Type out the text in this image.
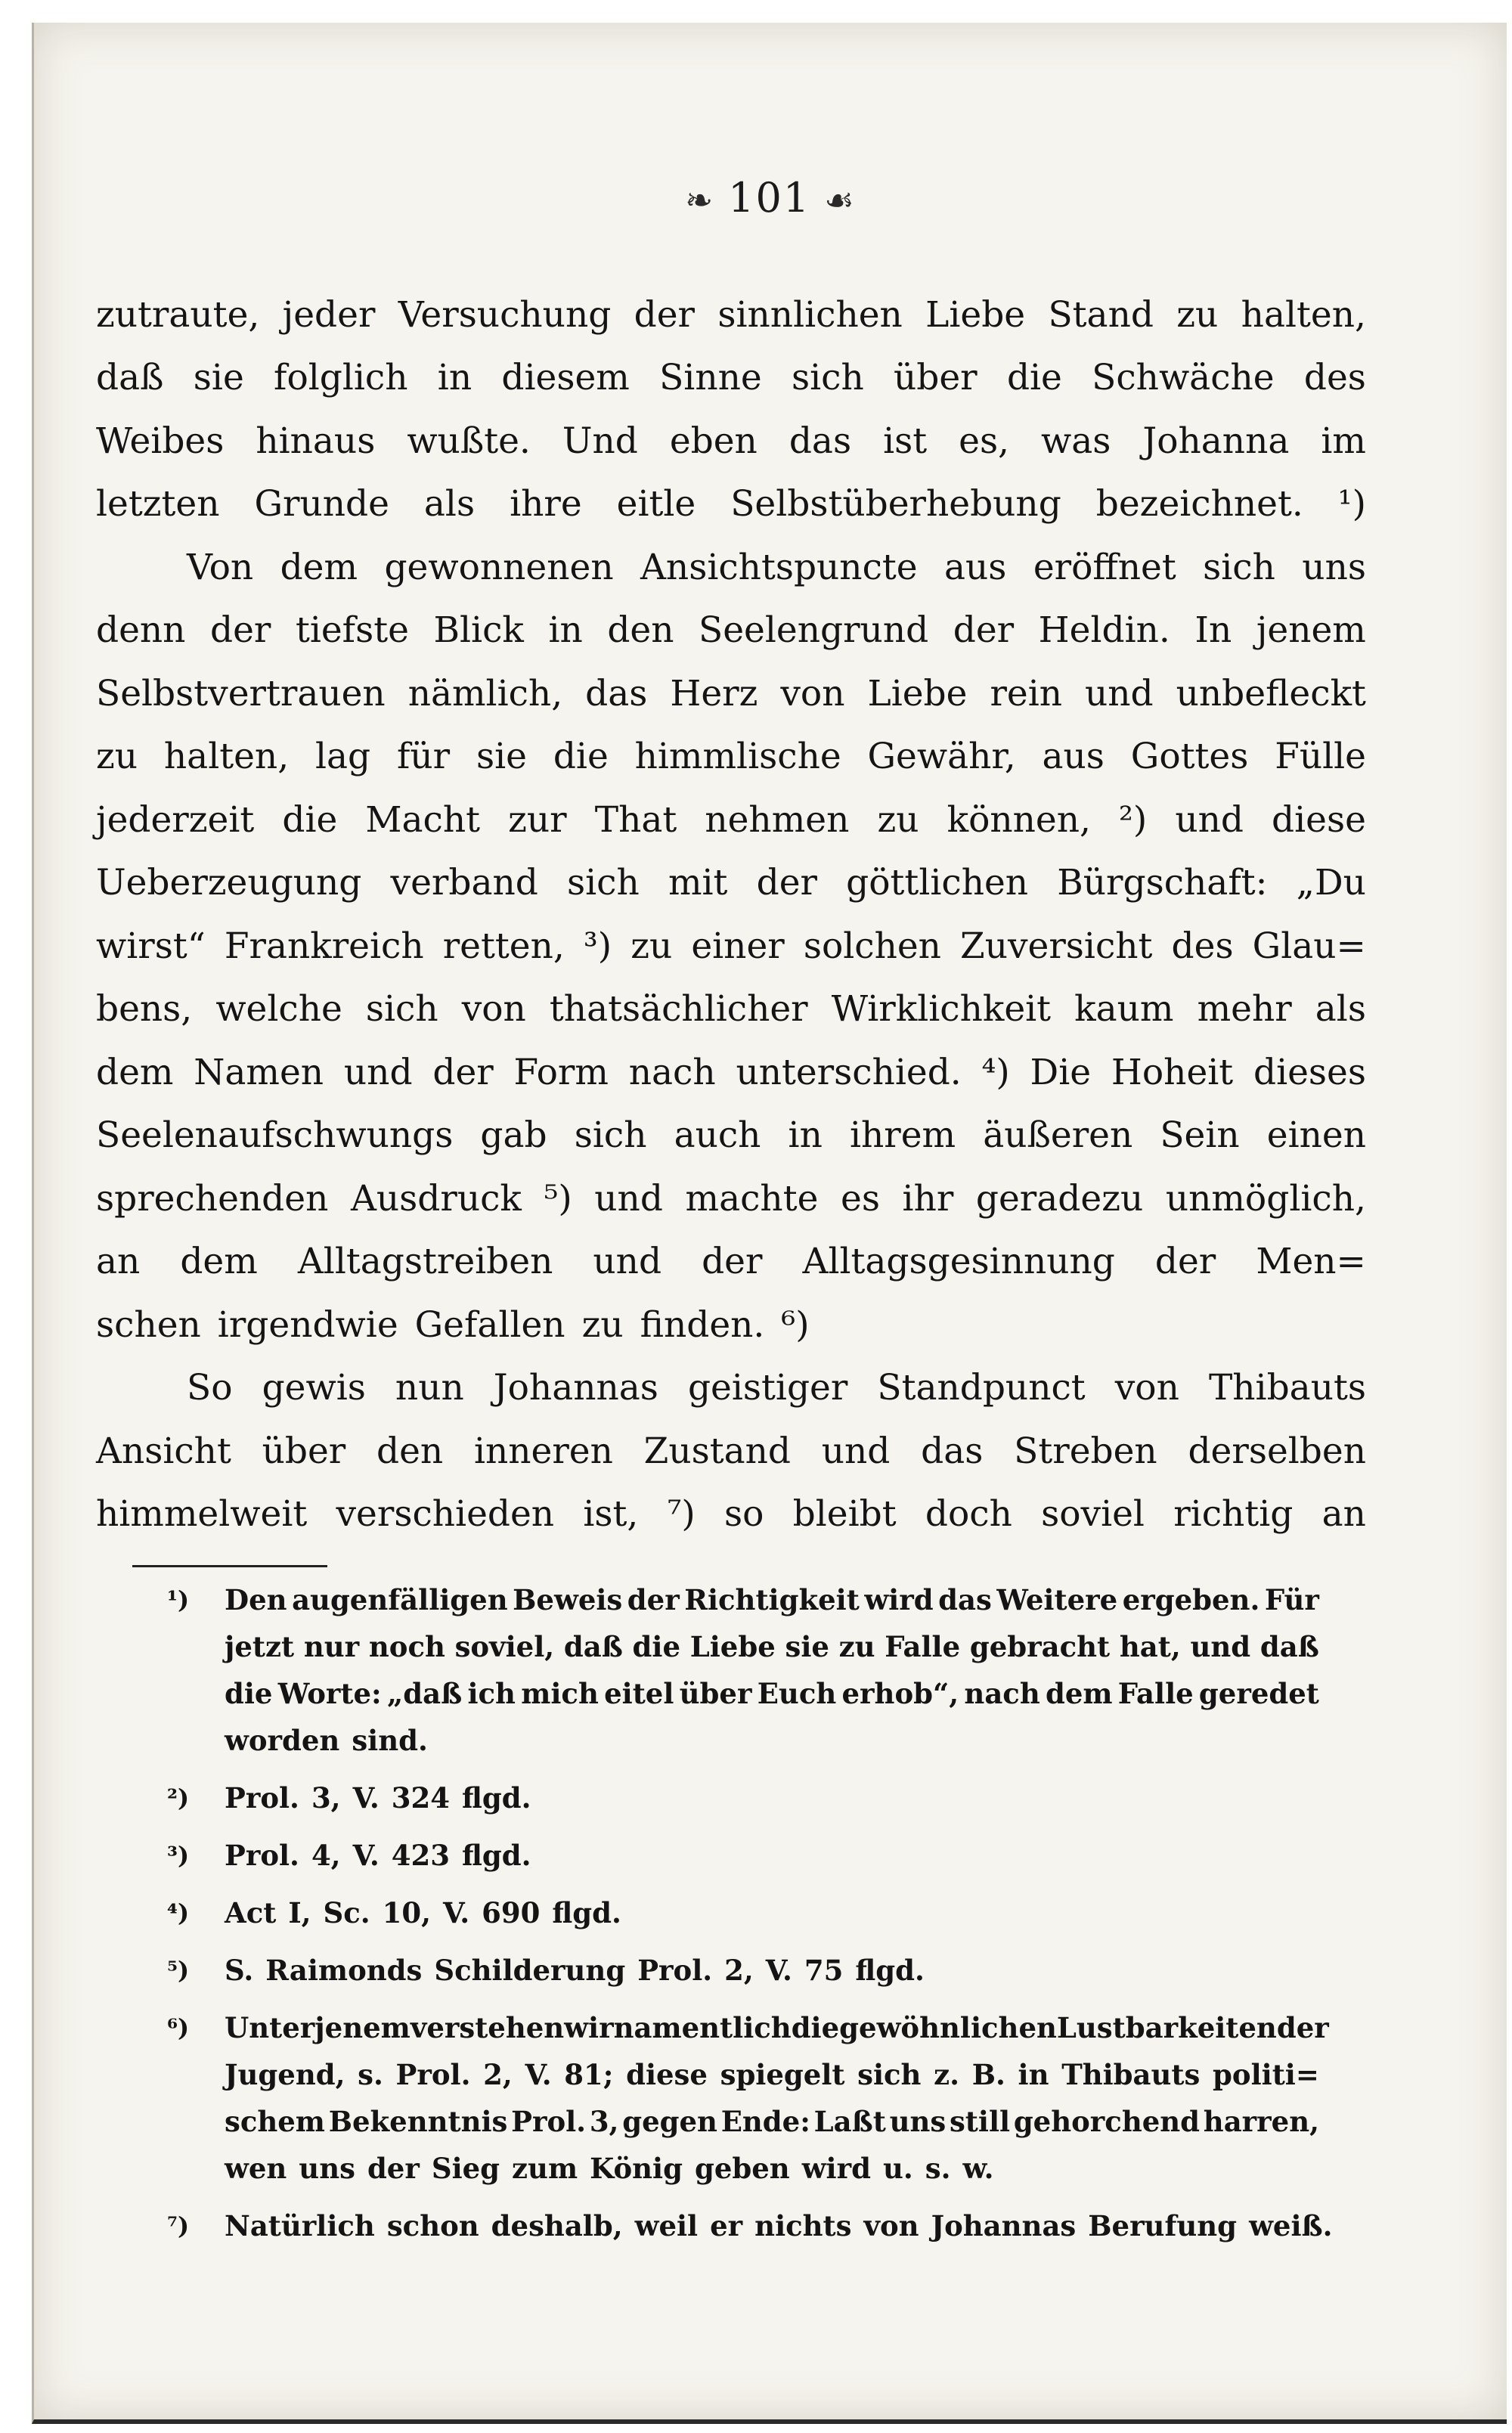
❧ 101 ☙
zutraute, jeder Versuchung der sinnlichen Liebe Stand zu halten,
daß sie folglich in diesem Sinne sich über die Schwäche des
Weibes hinaus wußte. Und eben das ist es, was Johanna im
letzten Grunde als ihre eitle Selbstüberhebung bezeichnet. ¹)
Von dem gewonnenen Ansichtspuncte aus eröffnet sich uns
denn der tiefste Blick in den Seelengrund der Heldin. In jenem
Selbstvertrauen nämlich, das Herz von Liebe rein und unbefleckt
zu halten, lag für sie die himmlische Gewähr, aus Gottes Fülle
jederzeit die Macht zur That nehmen zu können, ²) und diese
Ueberzeugung verband sich mit der göttlichen Bürgschaft: „Du
wirst“ Frankreich retten, ³) zu einer solchen Zuversicht des Glau=
bens, welche sich von thatsächlicher Wirklichkeit kaum mehr als
dem Namen und der Form nach unterschied. ⁴) Die Hoheit dieses
Seelenaufschwungs gab sich auch in ihrem äußeren Sein einen
sprechenden Ausdruck ⁵) und machte es ihr geradezu unmöglich,
an dem Alltagstreiben und der Alltagsgesinnung der Men=
schen irgendwie Gefallen zu finden. ⁶)
So gewis nun Johannas geistiger Standpunct von Thibauts
Ansicht über den inneren Zustand und das Streben derselben
himmelweit verschieden ist, ⁷) so bleibt doch soviel richtig an
¹) Den augenfälligen Beweis der Richtigkeit wird das Weitere ergeben. Für
jetzt nur noch soviel, daß die Liebe sie zu Falle gebracht hat, und daß
die Worte: „daß ich mich eitel über Euch erhob“, nach dem Falle geredet
worden sind.
²) Prol. 3, V. 324 flgd.
³) Prol. 4, V. 423 flgd.
⁴) Act I, Sc. 10, V. 690 flgd.
⁵) S. Raimonds Schilderung Prol. 2, V. 75 flgd.
⁶) Unter jenem verstehen wir namentlich die gewöhnlichen Lustbarkeiten der
Jugend, s. Prol. 2, V. 81; diese spiegelt sich z. B. in Thibauts politi=
schem Bekenntnis Prol. 3, gegen Ende: Laßt uns still gehorchend harren,
wen uns der Sieg zum König geben wird u. s. w.
⁷) Natürlich schon deshalb, weil er nichts von Johannas Berufung weiß.
